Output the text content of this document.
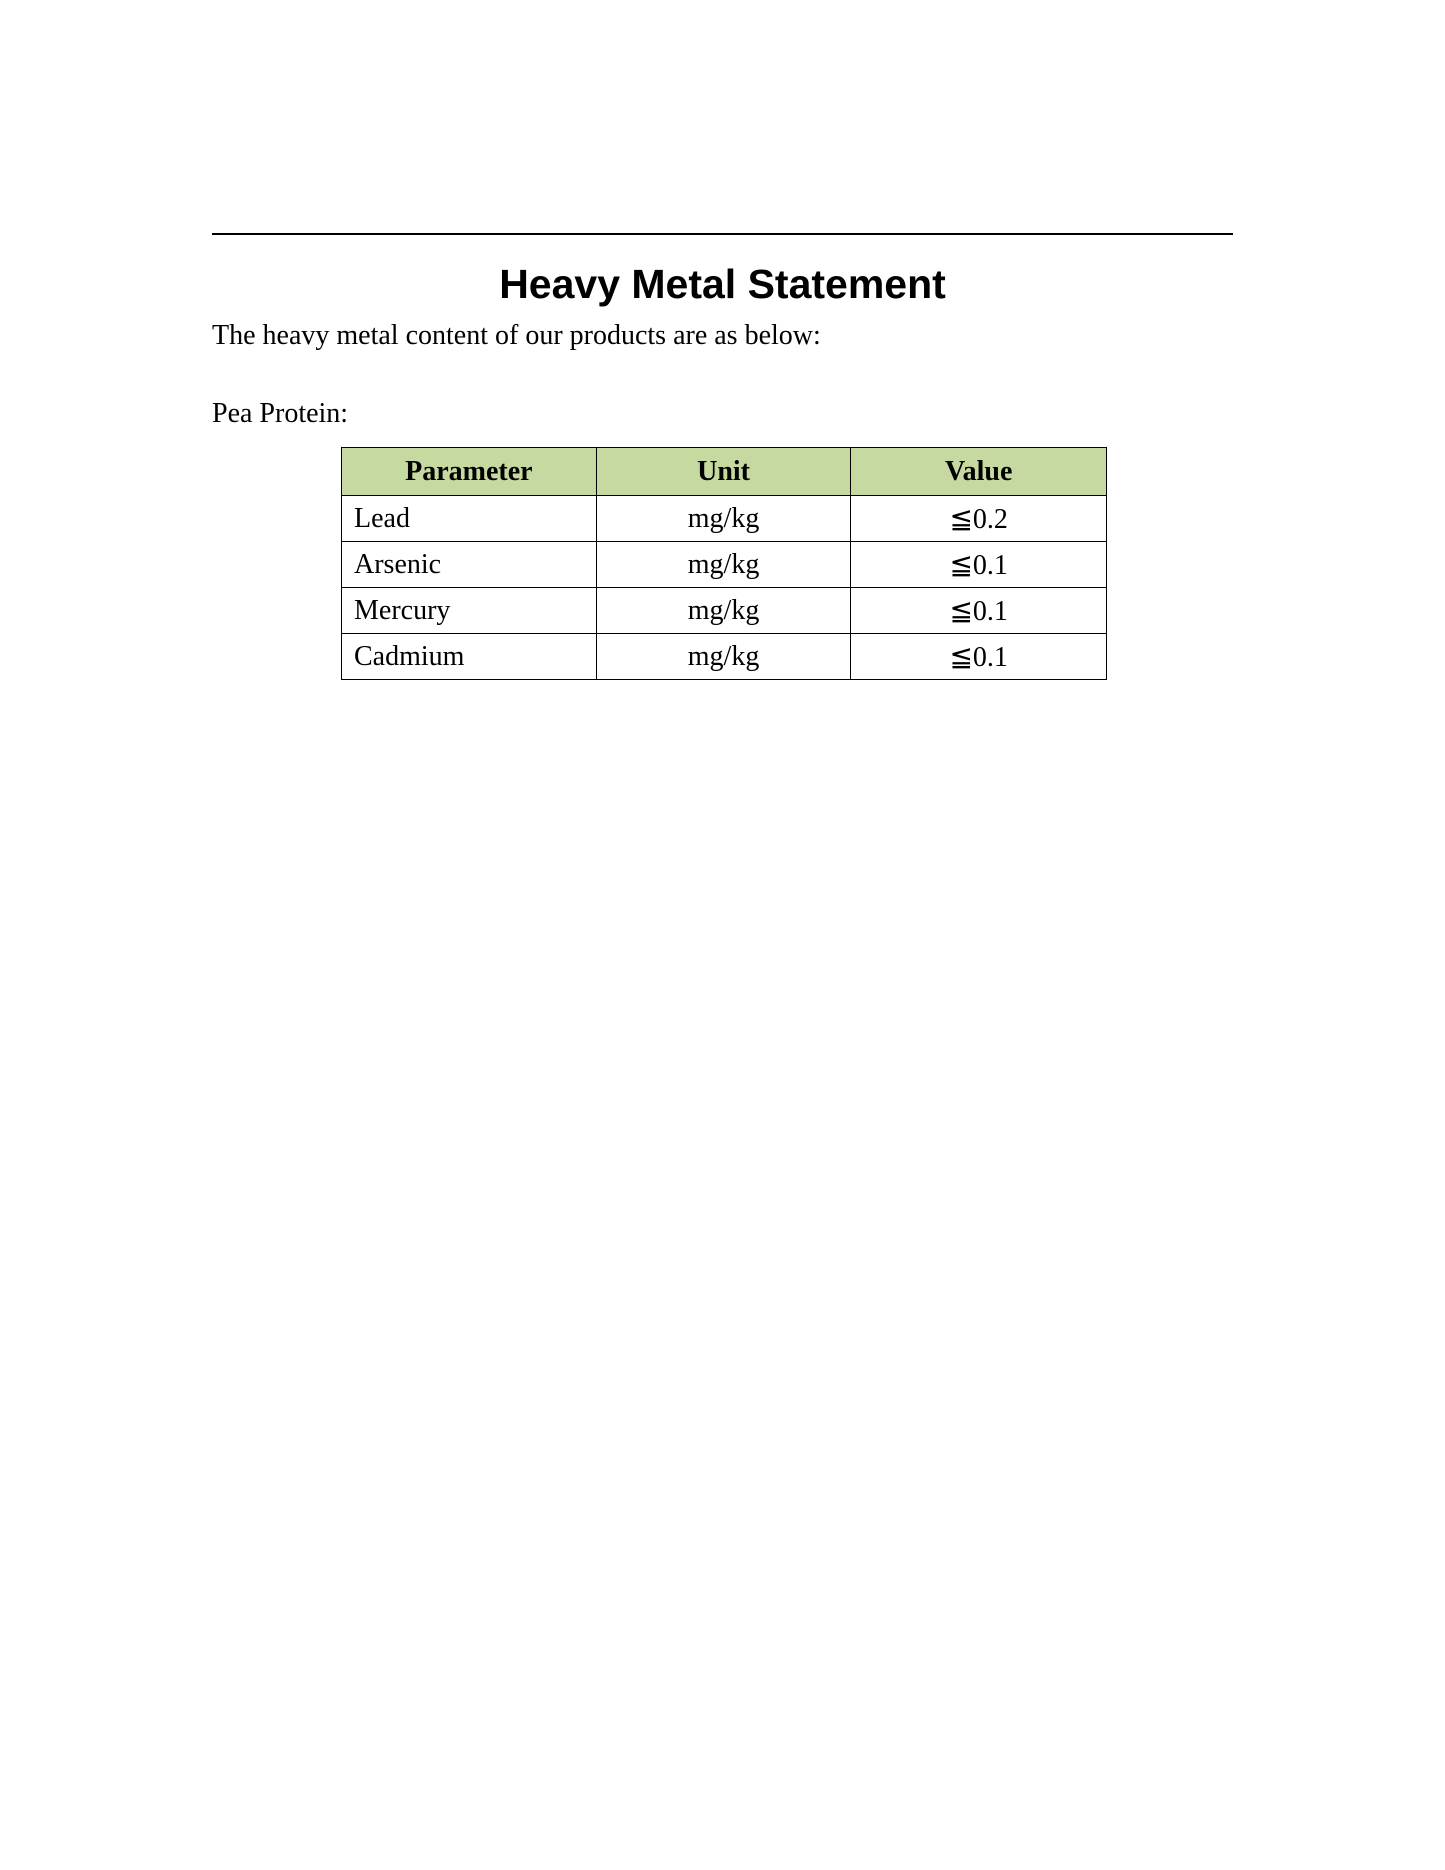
Heavy Metal Statement
The heavy metal content of our products are as below:
Pea Protein:
Parameter	Unit	Value
Lead	mg/kg	≦0.2
Arsenic	mg/kg	≦0.1
Mercury	mg/kg	≦0.1
Cadmium	mg/kg	≦0.1
